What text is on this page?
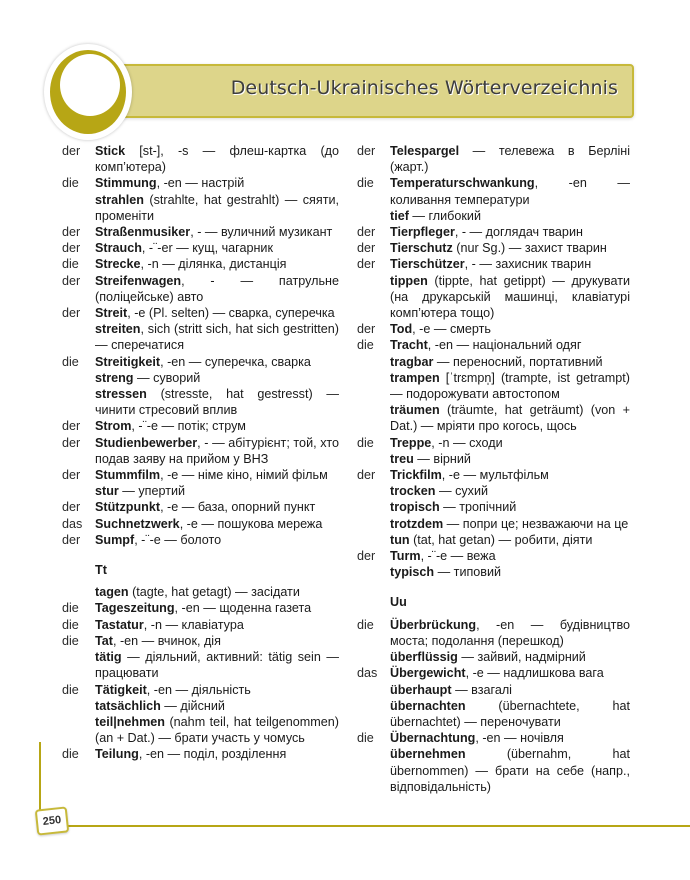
Deutsch-Ukrainisches Wörterverzeichnis
der	Stick [st-], -s — флеш-картка (до комп’ютера)
die	Stimmung, -en — настрій
strahlen (strahlte, hat gestrahlt) — сяяти, променіти
der	Straßenmusiker, - — вуличний музикант
der	Strauch, -¨-er — кущ, чагарник
die	Strecke, -n — ділянка, дистанція
der	Streifenwagen, - — патрульне (поліцейське) авто
der	Streit, -e (Pl. selten) — сварка, суперечка
streiten, sich (stritt sich, hat sich gestritten) — сперечатися
die	Streitigkeit, -en — суперечка, сварка
streng — суворий
stressen (stresste, hat gestresst) — чинити стресовий вплив
der	Strom, -¨-e — потік; струм
der	Studienbewerber, - — абітурієнт; той, хто подав заяву на прийом у ВНЗ
der	Stummfilm, -e — німе кіно, німий фільм
stur — упертий
der	Stützpunkt, -e — база, опорний пункт
das	Suchnetzwerk, -e — пошукова мережа
der	Sumpf, -¨-e — болото
Tt
tagen (tagte, hat getagt) — засідати
die	Tageszeitung, -en — щоденна газета
die	Tastatur, -n — клавіатура
die	Tat, -en — вчинок, дія
tätig — діяльний, активний: tätig sein — працювати
die	Tätigkeit, -en — діяльність
tatsächlich — дійсний
teil|nehmen (nahm teil, hat teilgenommen) (an + Dat.) — брати участь у чомусь
die	Teilung, -en — поділ, розділення
der	Telespargel — телевежа в Берліні (жарт.)
die	Temperaturschwankung, -en — коливання температури
tief — глибокий
der	Tierpfleger, - — доглядач тварин
der	Tierschutz (nur Sg.) — захист тварин
der	Tierschützer, - — захисник тварин
tippen (tippte, hat getippt) — друкувати (на друкарській машинці, клавіатурі комп’ютера тощо)
der	Tod, -e — смерть
die	Tracht, -en — національний одяг
tragbar — переносний, портативний
trampen [ˈtrɛmpn̩] (trampte, ist getrampt) — подорожувати автостопом
träumen (träumte, hat geträumt) (von + Dat.) — мріяти про когось, щось
die	Treppe, -n — сходи
treu — вірний
der	Trickfilm, -e — мультфільм
trocken — сухий
tropisch — тропічний
trotzdem — попри це; незважаючи на це
tun (tat, hat getan) — робити, діяти
der	Turm, -¨-e — вежа
typisch — типовий
Uu
die	Überbrückung, -en — будівництво моста; подолання (перешкод)
überflüssig — зайвий, надмірний
das	Übergewicht, -e — надлишкова вага
überhaupt — взагалі
übernachten (übernachtete, hat übernachtet) — переночувати
die	Übernachtung, -en — ночівля
übernehmen (übernahm, hat übernommen) — брати на себе (напр., відповідальність)
250
